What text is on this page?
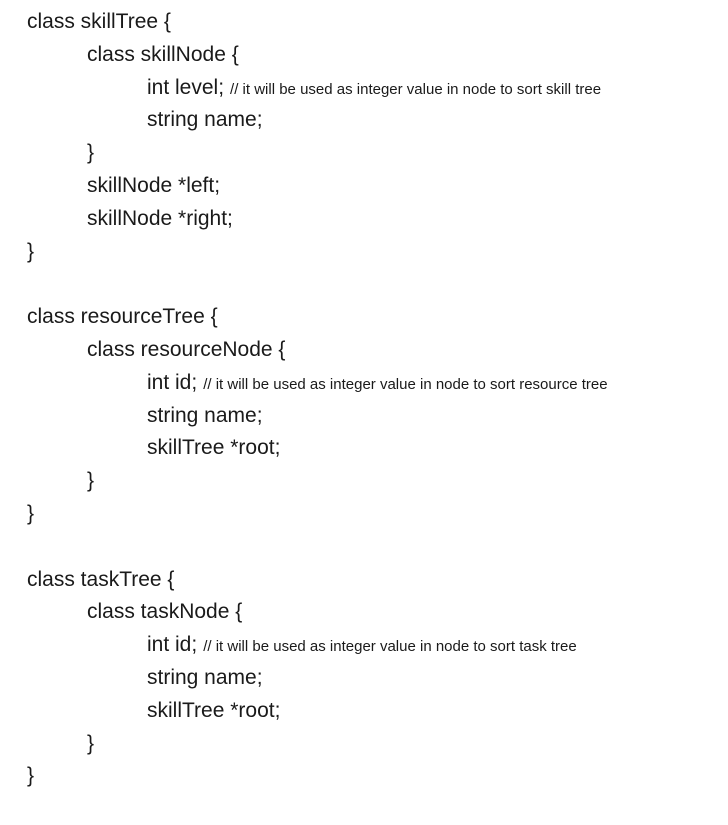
class skillTree {
class skillNode {
int level; // it will be used as integer value in node to sort skill tree
string name;
}
skillNode *left;
skillNode *right;
}
class resourceTree {
class resourceNode {
int id; // it will be used as integer value in node to sort resource tree
string name;
skillTree *root;
}
}
class taskTree {
class taskNode {
int id; // it will be used as integer value in node to sort task tree
string name;
skillTree *root;
}
}
